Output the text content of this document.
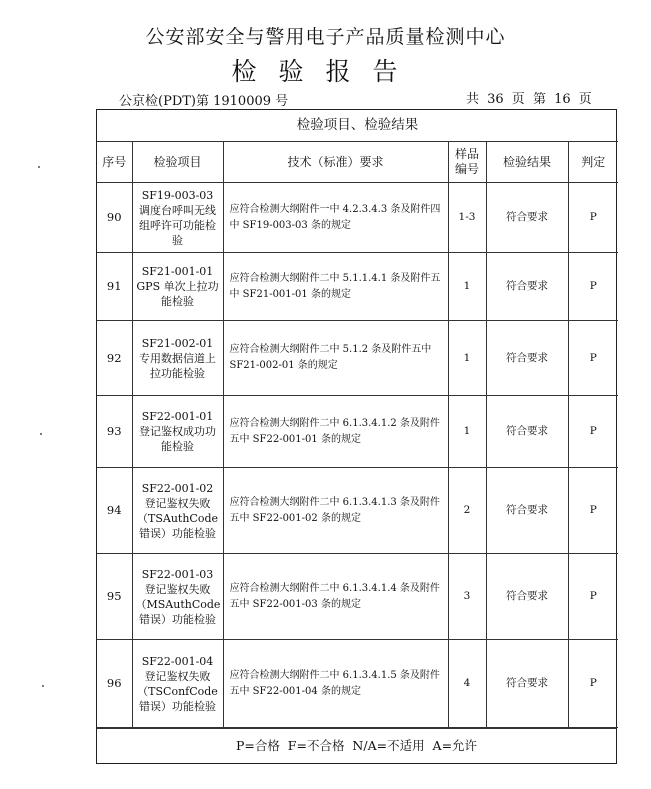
公安部安全与警用电子产品质量检测中心
检验报告
公京检(PDT)第 1910009 号	共 36 页 第 16 页
检验项目、检验结果					
序号	检验项目	技术（标准）要求	样品编号	检验结果	判定
90	SF19-003-03 调度台呼叫无线组呼许可功能检验	应符合检测大纲附件一中 4.2.3.4.3 条及附件四中 SF19-003-03 条的规定	1-3	符合要求	P
91	SF21-001-01 GPS 单次上拉功能检验	应符合检测大纲附件二中 5.1.1.4.1 条及附件五中 SF21-001-01 条的规定	1	符合要求	P
92	SF21-002-01 专用数据信道上拉功能检验	应符合检测大纲附件二中 5.1.2 条及附件五中 SF21-002-01 条的规定	1	符合要求	P
93	SF22-001-01 登记鉴权成功功能检验	应符合检测大纲附件二中 6.1.3.4.1.2 条及附件五中 SF22-001-01 条的规定	1	符合要求	P
94	SF22-001-02 登记鉴权失败（TSAuthCode 错误）功能检验	应符合检测大纲附件二中 6.1.3.4.1.3 条及附件五中 SF22-001-02 条的规定	2	符合要求	P
95	SF22-001-03 登记鉴权失败（MSAuthCode 错误）功能检验	应符合检测大纲附件二中 6.1.3.4.1.4 条及附件五中 SF22-001-03 条的规定	3	符合要求	P
96	SF22-001-04 登记鉴权失败（TSConfCode 错误）功能检验	应符合检测大纲附件二中 6.1.3.4.1.5 条及附件五中 SF22-001-04 条的规定	4	符合要求	P
P=合格 F=不合格 N/A=不适用 A=允许
